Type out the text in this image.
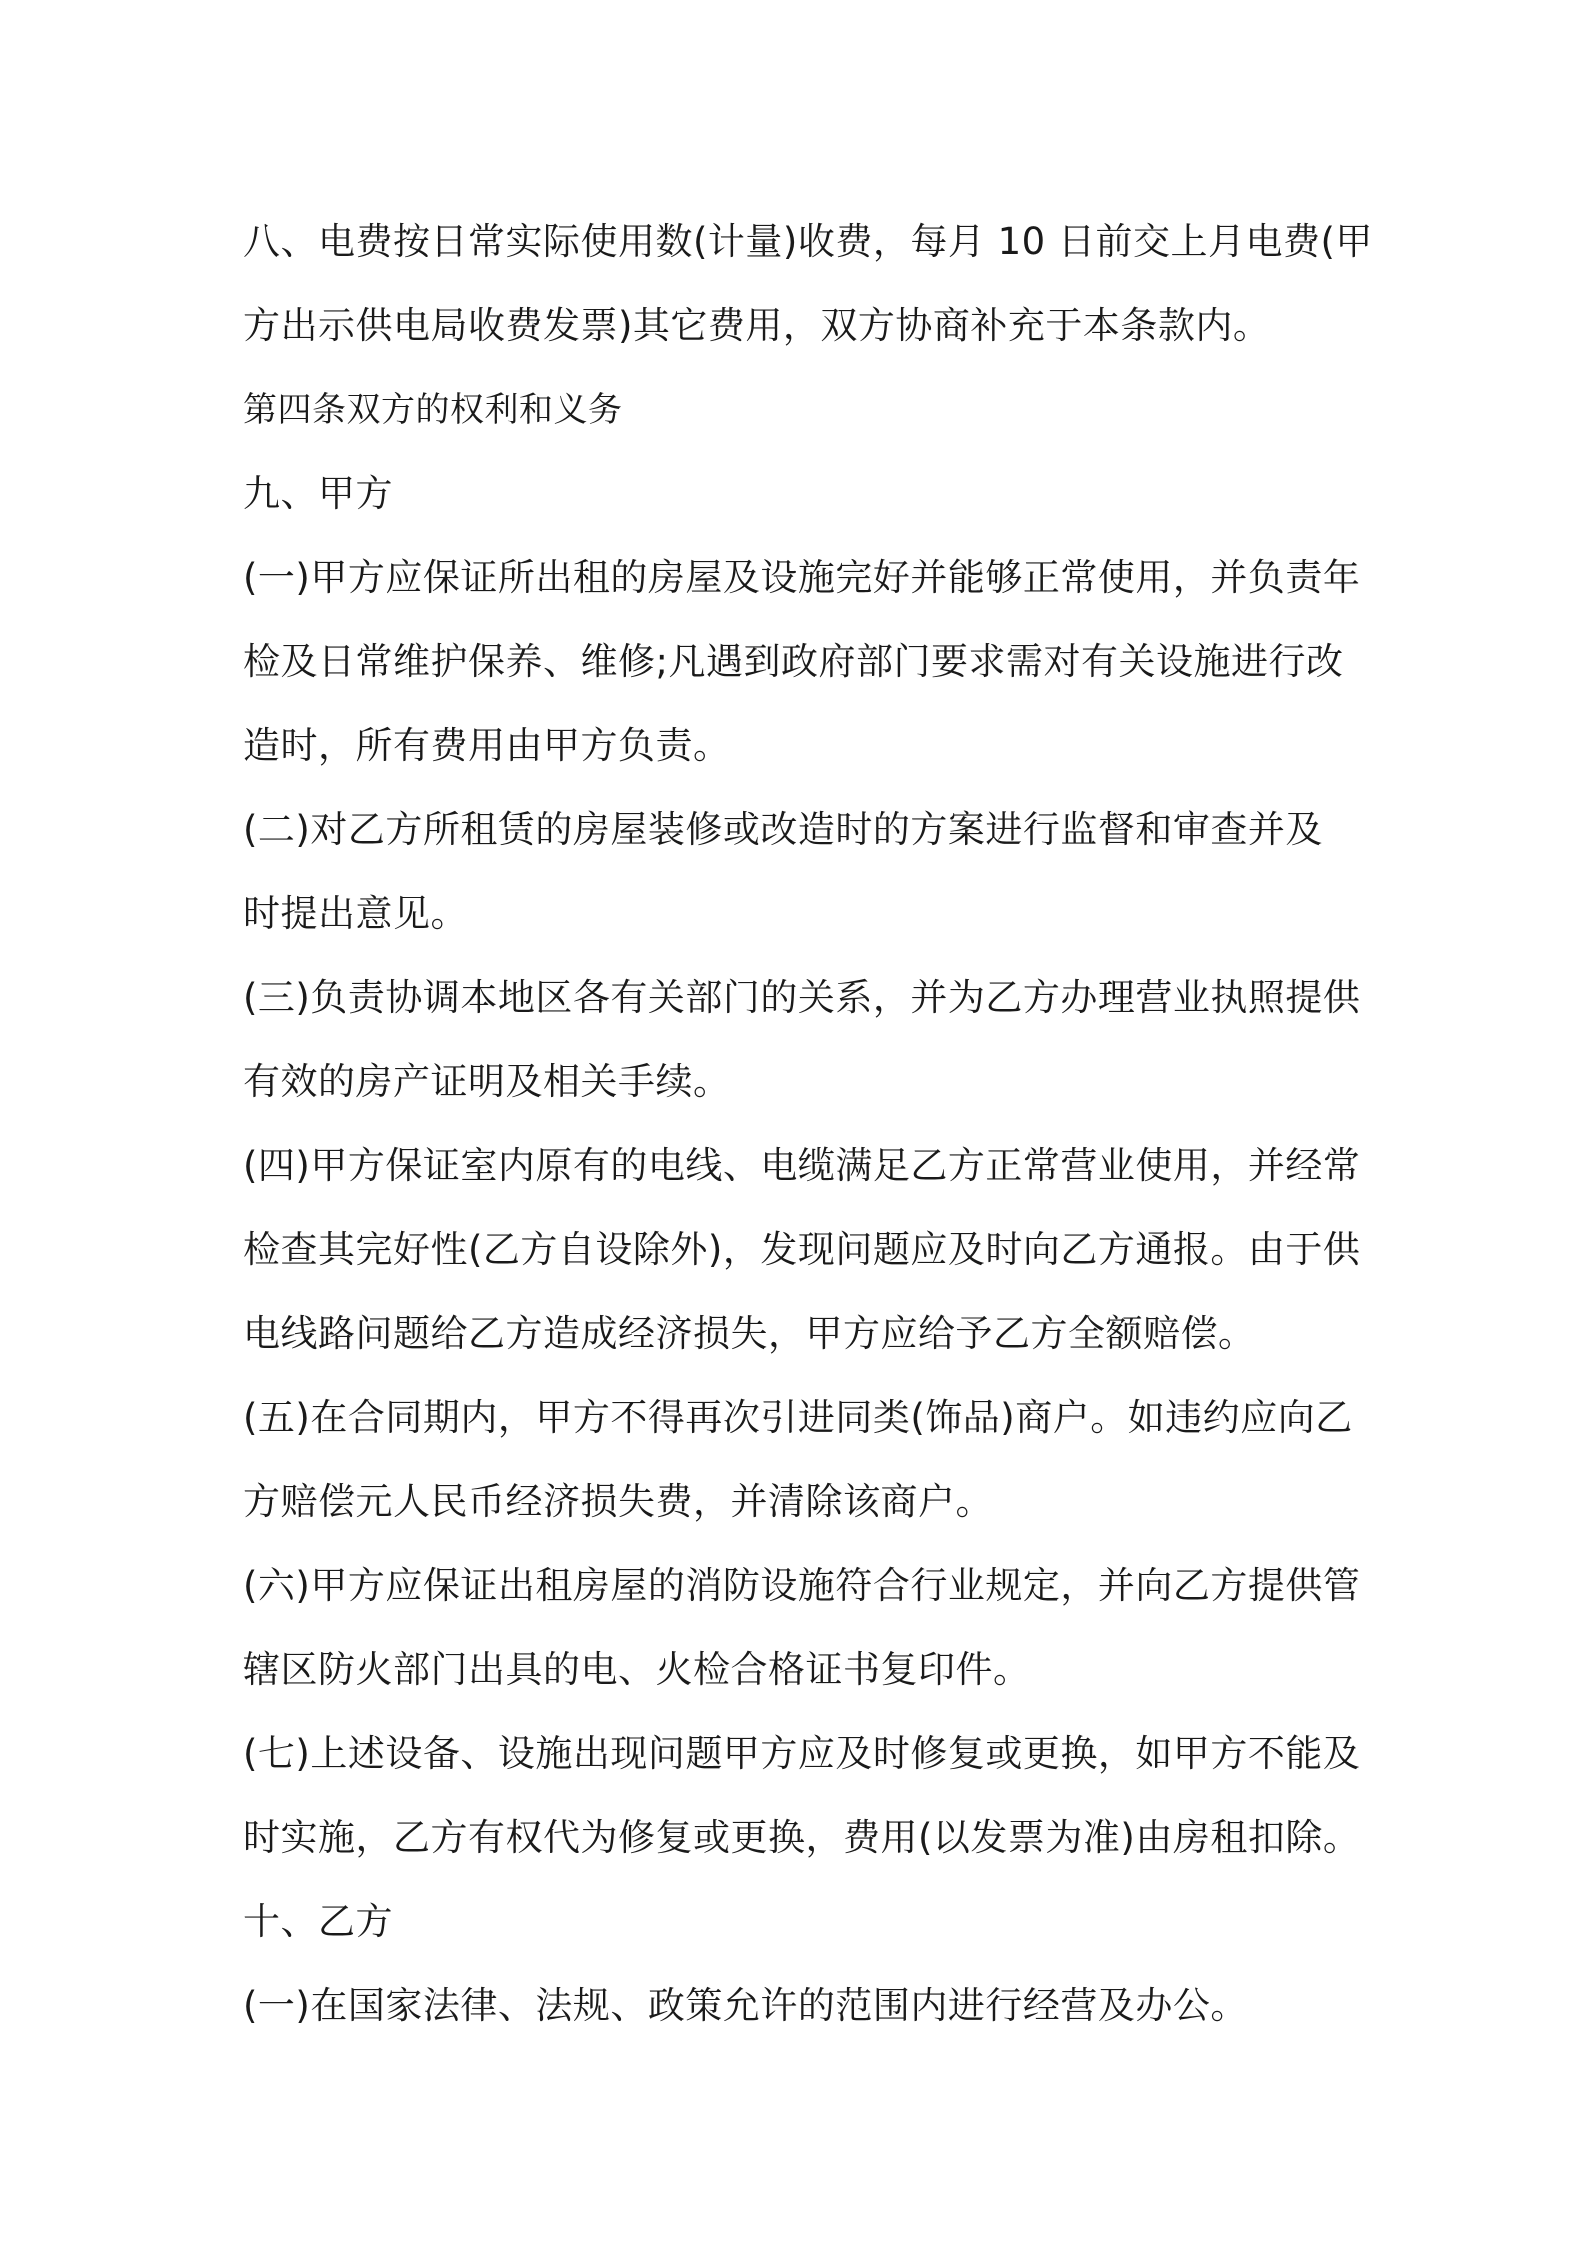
八、电费按日常实际使用数(计量)收费，每月 10 日前交上月电费(甲
方出示供电局收费发票)其它费用，双方协商补充于本条款内。
第四条双方的权利和义务
九、甲方
(一)甲方应保证所出租的房屋及设施完好并能够正常使用，并负责年
检及日常维护保养、维修;凡遇到政府部门要求需对有关设施进行改
造时，所有费用由甲方负责。
(二)对乙方所租赁的房屋装修或改造时的方案进行监督和审查并及
时提出意见。
(三)负责协调本地区各有关部门的关系，并为乙方办理营业执照提供
有效的房产证明及相关手续。
(四)甲方保证室内原有的电线、电缆满足乙方正常营业使用，并经常
检查其完好性(乙方自设除外)，发现问题应及时向乙方通报。由于供
电线路问题给乙方造成经济损失，甲方应给予乙方全额赔偿。
(五)在合同期内，甲方不得再次引进同类(饰品)商户。如违约应向乙
方赔偿元人民币经济损失费，并清除该商户。
(六)甲方应保证出租房屋的消防设施符合行业规定，并向乙方提供管
辖区防火部门出具的电、火检合格证书复印件。
(七)上述设备、设施出现问题甲方应及时修复或更换，如甲方不能及
时实施，乙方有权代为修复或更换，费用(以发票为准)由房租扣除。
十、乙方
(一)在国家法律、法规、政策允许的范围内进行经营及办公。
